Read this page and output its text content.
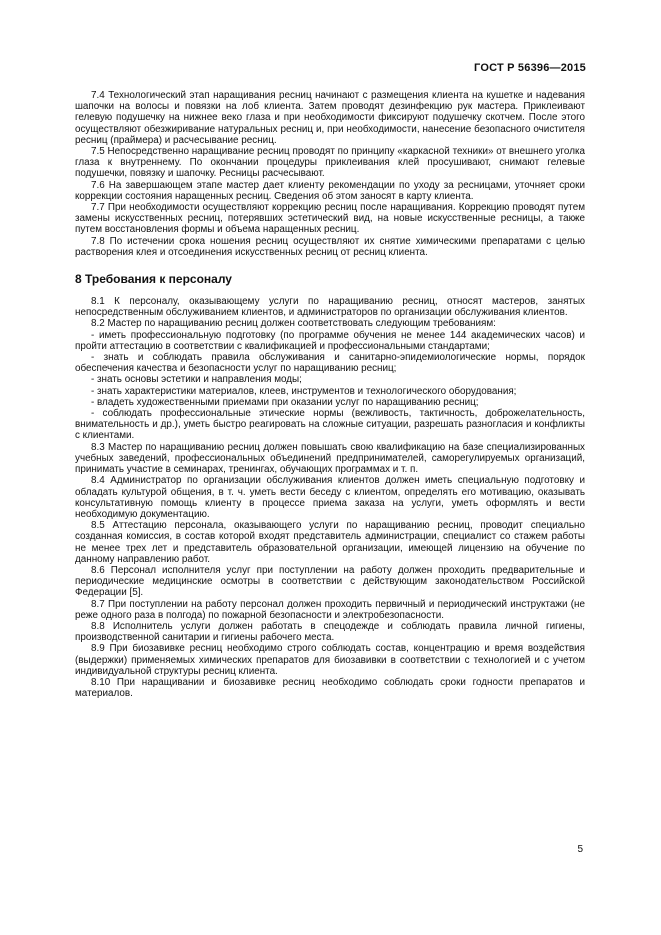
ГОСТ Р 56396—2015

7.4 Технологический этап наращивания ресниц начинают с размещения клиента на кушетке и надевания шапочки на волосы и повязки на лоб клиента. Затем проводят дезинфекцию рук мастера. Приклеивают гелевую подушечку на нижнее веко глаза и при необходимости фиксируют подушечку скотчем. После этого осуществляют обезжиривание натуральных ресниц и, при необходимости, нанесение безопасного очистителя ресниц (праймера) и расчесывание ресниц.

7.5 Непосредственно наращивание ресниц проводят по принципу «каркасной техники» от внешнего уголка глаза к внутреннему. По окончании процедуры приклеивания клей просушивают, снимают гелевые подушечки, повязку и шапочку. Ресницы расчесывают.

7.6 На завершающем этапе мастер дает клиенту рекомендации по уходу за ресницами, уточняет сроки коррекции состояния наращенных ресниц. Сведения об этом заносят в карту клиента.

7.7 При необходимости осуществляют коррекцию ресниц после наращивания. Коррекцию проводят путем замены искусственных ресниц, потерявших эстетический вид, на новые искусственные ресницы, а также путем восстановления формы и объема наращенных ресниц.

7.8 По истечении срока ношения ресниц осуществляют их снятие химическими препаратами с целью растворения клея и отсоединения искусственных ресниц от ресниц клиента.

8 Требования к персоналу

8.1 К персоналу, оказывающему услуги по наращиванию ресниц, относят мастеров, занятых непосредственным обслуживанием клиентов, и администраторов по организации обслуживания клиентов.

8.2 Мастер по наращиванию ресниц должен соответствовать следующим требованиям:

- иметь профессиональную подготовку (по программе обучения не менее 144 академических часов) и пройти аттестацию в соответствии с квалификацией и профессиональными стандартами;

- знать и соблюдать правила обслуживания и санитарно-эпидемиологические нормы, порядок обеспечения качества и безопасности услуг по наращиванию ресниц;

- знать основы эстетики и направления моды;

- знать характеристики материалов, клеев, инструментов и технологического оборудования;

- владеть художественными приемами при оказании услуг по наращиванию ресниц;

- соблюдать профессиональные этические нормы (вежливость, тактичность, доброжелательность, внимательность и др.), уметь быстро реагировать на сложные ситуации, разрешать разногласия и конфликты с клиентами.

8.3 Мастер по наращиванию ресниц должен повышать свою квалификацию на базе специализированных учебных заведений, профессиональных объединений предпринимателей, саморегулируемых организаций, принимать участие в семинарах, тренингах, обучающих программах и т. п.

8.4 Администратор по организации обслуживания клиентов должен иметь специальную подготовку и обладать культурой общения, в т. ч. уметь вести беседу с клиентом, определять его мотивацию, оказывать консультативную помощь клиенту в процессе приема заказа на услуги, уметь оформлять и вести необходимую документацию.

8.5 Аттестацию персонала, оказывающего услуги по наращиванию ресниц, проводит специально созданная комиссия, в состав которой входят представитель администрации, специалист со стажем работы не менее трех лет и представитель образовательной организации, имеющей лицензию на обучение по данному направлению работ.

8.6 Персонал исполнителя услуг при поступлении на работу должен проходить предварительные и периодические медицинские осмотры в соответствии с действующим законодательством Российской Федерации [5].

8.7 При поступлении на работу персонал должен проходить первичный и периодический инструктажи (не реже одного раза в полгода) по пожарной безопасности и электробезопасности.

8.8 Исполнитель услуги должен работать в спецодежде и соблюдать правила личной гигиены, производственной санитарии и гигиены рабочего места.

8.9 При биозавивке ресниц необходимо строго соблюдать состав, концентрацию и время воздействия (выдержки) применяемых химических препаратов для биозавивки в соответствии с технологией и с учетом индивидуальной структуры ресниц клиента.

8.10 При наращивании и биозавивке ресниц необходимо соблюдать сроки годности препаратов и материалов.

5
